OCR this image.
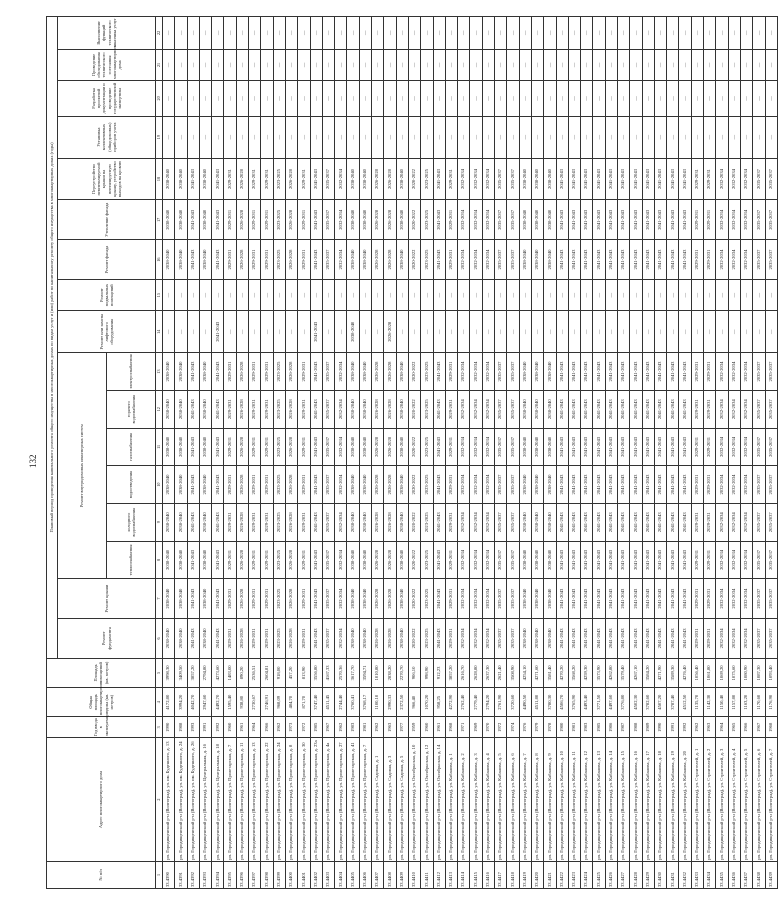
132
№ п/п	Адрес многоквартирного дома	Год ввода в эксплуатацию	Общая площадь многоквартирного дома (кв. метров)	Площадь помещений (кв. метров)	Плановый период проведения капитального ремонта общего имущества в многоквартирных домах по видам услуг и (или) работ по капитальному ремонту общего имущества в многоквартирных домах (годы)																
					Ремонт фундамента	Ремонт крыши	Ремонт внутридомовых инженерных систем						Ремонт или замена лифтового оборудования	Ремонт подвальных помещений	Ремонт фасада	Утепление фасада	Переустройство невентилируемой крыши на вентилируемую крышу, устройство выходов на кровлю	Установка коллективных (общедомовых) приборов учета	Разработка проектной документации и проведение государственной экспертизы	Проведение обследования технического состояния многоквартирного дома	Выполнение функций технического заказчика услуг
							теплоснабжения	холодного водоснабжения	водоотведения	газоснабжения	горячего водоснабжения	электроснабжения									
1	2	3	4	5	6	7	8	9	10	11	12	13	14	15	16	17	18	19	20	21	22
33.4390	рп. Городищенский р-н (Волгоград), ул. им. Буденного, д. 13	1990	4172,80	3998,30	2038-2040	2038-2040	2038-2040	2038-2040	2038-2040	2038-2040	2038-2040	2038-2040	—	—	2038-2040	2038-2040	2038-2040	—	—	—	—
33.4391	рп. Городищенский р-н (Волгоград), ул. им. Буденного, д. 24	1988	3994,20	3409,50	2038-2040	2038-2040	2038-2040	2038-2040	2038-2040	2038-2040	2038-2040	2038-2040	—	—	2038-2040	2038-2040	2038-2040	—	—	—	—
33.4392	рп. Городищенский р-н (Волгоград), ул. им. Буденного, д. 26	1993	4042,70	3857,20	2041-2043	2041-2043	2041-2043	2041-2043	2041-2043	2041-2043	2041-2043	2041-2043	—	—	2041-2043	2041-2043	2041-2043	—	—	—	—
33.4393	рп. Городищенский р-н (Волгоград), ул. Центральная, д. 16	1991	2947,60	2794,80	2038-2040	2038-2040	2038-2040	2038-2040	2038-2040	2038-2040	2038-2040	2038-2040	—	—	2038-2040	2038-2040	2038-2040	—	—	—	—
33.4394	рп. Городищенский р-н (Волгоград), ул. Центральная, д. 18	1992	4492,70	4273,60	2041-2043	2041-2043	2041-2043	2041-2043	2041-2043	2041-2043	2041-2043	2041-2043	2041-2043	—	2041-2043	2041-2043	2041-2043	—	—	—	—
33.4395	рп. Городищенский р-н (Волгоград), ул. Пролетарская, д. 7	1960	1595,40	1483,00	2029-2031	2029-2031	2029-2031	2029-2031	2029-2031	2029-2031	2029-2031	2029-2031	—	—	2029-2031	2029-2031	2029-2031	—	—	—	—
33.4396	рп. Городищенский р-н (Волгоград), ул. Пролетарская, д. 11	1961	938,80	890,20	2026-2028	2026-2028	2026-2028	2026-2028	2026-2028	2026-2028	2026-2028	2026-2028	—	—	2026-2028	2026-2028	2026-2028	—	—	—	—
33.4397	рп. Городищенский р-н (Волгоград), ул. Пролетарская, д. 13	1964	2730,67	2536,51	2029-2031	2029-2031	2029-2031	2029-2031	2029-2031	2029-2031	2029-2031	2029-2031	—	—	2029-2031	2029-2031	2029-2031	—	—	—	—
33.4398	рп. Городищенский р-н (Волгоград), ул. Пролетарская, д. 22	1966	2746,91	2604,81	2029-2031	2029-2031	2029-2031	2029-2031	2029-2031	2029-2031	2029-2031	2029-2031	—	—	2029-2031	2029-2031	2029-2031	—	—	—	—
33.4399	рп. Городищенский р-н (Волгоград), ул. Пролетарская, д. 24	1962	968,09	918,00	2023-2025	2023-2025	2023-2025	2023-2025	2023-2025	2023-2025	2023-2025	2023-2025	—	—	2023-2025	2023-2025	2023-2025	—	—	—	—
33.4400	рп. Городищенский р-н (Волгоград), ул. Пролетарская, д. 8	1973	484,70	457,20	2026-2028	2026-2028	2026-2028	2026-2028	2026-2028	2026-2028	2026-2028	2026-2028	—	—	2026-2028	2026-2028	2026-2028	—	—	—	—
33.4401	рп. Городищенский р-н (Волгоград), ул. Пролетарская, д. 30	1972	871,70	813,90	2029-2031	2029-2031	2029-2031	2029-2031	2029-2031	2029-2031	2029-2031	2029-2031	—	—	2029-2031	2029-2031	2029-2031	—	—	—	—
33.4402	рп. Городищенский р-н (Волгоград), ул. Пролетарская, д. 23а	1985	3747,40	3556,80	2041-2043	2041-2043	2041-2043	2041-2043	2041-2043	2041-2043	2041-2043	2041-2043	2041-2043	—	2041-2043	2041-2043	2041-2043	—	—	—	—
33.4403	рп. Городищенский р-н (Волгоград), ул. Пролетарская, д. 4а	1967	4511,45	4167,33	2035-2037	2035-2037	2035-2037	2035-2037	2035-2037	2035-2037	2035-2037	2035-2037	—	—	2035-2037	2035-2037	2035-2037	—	—	—	—
33.4404	рп. Городищенский р-н (Волгоград), ул. Пролетарская, д. 27	1962	2744,40	2570,36	2032-2034	2032-2034	2032-2034	2032-2034	2032-2034	2032-2034	2032-2034	2032-2034	—	—	2032-2034	2032-2034	2032-2034	—	—	—	—
33.4405	рп. Городищенский р-н (Волгоград), ул. Пролетарская, д. 41	1983	3760,41	3617,70	2038-2040	2038-2040	2038-2040	2038-2040	2038-2040	2038-2040	2038-2040	2038-2040	2038-2040	—	2038-2040	2038-2040	2038-2040	—	—	—	—
33.4406	рп. Городищенский р-н (Волгоград), ул. Пролетарская, д. 7	1981	3768,17	3594,71	2038-2040	2038-2040	2038-2040	2038-2040	2038-2040	2038-2040	2038-2040	2038-2040	—	—	2038-2040	2038-2040	2038-2040	—	—	—	—
33.4407	рп. Городищенский р-н (Волгоград), ул. Садовая, д. 1	1962	1100,10	1010,80	2026-2028	2026-2028	2026-2028	2026-2028	2026-2028	2026-2028	2026-2028	2026-2028	—	—	2026-2028	2026-2028	2026-2028	—	—	—	—
33.4408	рп. Городищенский р-н (Волгоград), ул. Садовая, д. 3	1963	2990,33	2838,20	2026-2028	2026-2028	2026-2028	2026-2028	2026-2028	2026-2028	2026-2028	2026-2028	2026-2028	—	2026-2028	2026-2028	2026-2028	—	—	—	—
33.4409	рп. Городищенский р-н (Волгоград), ул. Садовая, д. 5	1977	2372,50	2270,70	2038-2040	2038-2040	2038-2040	2038-2040	2038-2040	2038-2040	2038-2040	2038-2040	—	—	2038-2040	2038-2040	2038-2040	—	—	—	—
33.4410	рп. Городищенский р-н (Волгоград), ул. Октябрьская, д. 10	1959	966,40	906,10	2020-2022	2020-2022	2020-2022	2020-2022	2020-2022	2020-2022	2020-2022	2020-2022	—	—	2020-2022	2020-2022	2020-2022	—	—	—	—
33.4411	рп. Городищенский р-н (Волгоград), ул. Октябрьская, д. 12	1960	1070,20	998,90	2023-2025	2023-2025	2023-2025	2023-2025	2023-2025	2023-2025	2023-2025	2023-2025	—	—	2023-2025	2023-2025	2023-2025	—	—	—	—
33.4412	рп. Городищенский р-н (Волгоград), ул. Октябрьская, д. 14	1961	958,25	912,23	2041-2043	2041-2043	2041-2043	2041-2043	2041-2043	2041-2043	2041-2043	2041-2043	—	—	2041-2043	2041-2043	2041-2043	—	—	—	—
33.4413	рп. Городищенский р-н (Волгоград), ул. Кабанова, д. 1	1968	4272,90	3857,20	2029-2031	2029-2031	2029-2031	2029-2031	2029-2031	2029-2031	2029-2031	2029-2031	—	—	2029-2031	2029-2031	2029-2031	—	—	—	—
33.4414	рп. Городищенский р-н (Волгоград), ул. Кабанова, д. 2	1971	2762,40	2616,70	2032-2034	2032-2034	2032-2034	2032-2034	2032-2034	2032-2034	2032-2034	2032-2034	—	—	2032-2034	2032-2034	2032-2034	—	—	—	—
33.4415	рп. Городищенский р-н (Волгоград), ул. Кабанова, д. 3	1969	2779,40	2628,80	2032-2034	2032-2034	2032-2034	2032-2034	2032-2034	2032-2034	2032-2034	2032-2034	—	—	2032-2034	2032-2034	2032-2034	—	—	—	—
33.4416	рп. Городищенский р-н (Волгоград), ул. Кабанова, д. 4	1970	2794,20	2637,30	2032-2034	2032-2034	2032-2034	2032-2034	2032-2034	2032-2034	2032-2034	2032-2034	—	—	2032-2034	2032-2034	2032-2034	—	—	—	—
33.4417	рп. Городищенский р-н (Волгоград), ул. Кабанова, д. 5	1972	2761,90	2621,40	2035-2037	2035-2037	2035-2037	2035-2037	2035-2037	2035-2037	2035-2037	2035-2037	—	—	2035-2037	2035-2037	2035-2037	—	—	—	—
33.4418	рп. Городищенский р-н (Волгоград), ул. Кабанова, д. 6	1974	3720,60	3508,90	2035-2037	2035-2037	2035-2037	2035-2037	2035-2037	2035-2037	2035-2037	2035-2037	—	—	2035-2037	2035-2037	2035-2037	—	—	—	—
33.4419	рп. Городищенский р-н (Волгоград), ул. Кабанова, д. 7	1976	4490,50	4254,10	2038-2040	2038-2040	2038-2040	2038-2040	2038-2040	2038-2040	2038-2040	2038-2040	—	—	2038-2040	2038-2040	2038-2040	—	—	—	—
33.4420	рп. Городищенский р-н (Волгоград), ул. Кабанова, д. 8	1979	4511,80	4271,60	2038-2040	2038-2040	2038-2040	2038-2040	2038-2040	2038-2040	2038-2040	2038-2040	—	—	2038-2040	2038-2040	2038-2040	—	—	—	—
33.4421	рп. Городищенский р-н (Волгоград), ул. Кабанова, д. 9	1978	3780,30	3581,40	2038-2040	2038-2040	2038-2040	2038-2040	2038-2040	2038-2040	2038-2040	2038-2040	—	—	2038-2040	2038-2040	2038-2040	—	—	—	—
33.4422	рп. Городищенский р-н (Волгоград), ул. Кабанова, д. 10	1980	4506,70	4270,20	2041-2043	2041-2043	2041-2043	2041-2043	2041-2043	2041-2043	2041-2043	2041-2043	—	—	2041-2043	2041-2043	2041-2043	—	—	—	—
33.4423	рп. Городищенский р-н (Волгоград), ул. Кабанова, д. 11	1981	3765,90	3568,20	2041-2043	2041-2043	2041-2043	2041-2043	2041-2043	2041-2043	2041-2043	2041-2043	—	—	2041-2043	2041-2043	2041-2043	—	—	—	—
33.4424	рп. Городищенский р-н (Волгоград), ул. Кабанова, д. 12	1983	4493,40	4259,30	2041-2043	2041-2043	2041-2043	2041-2043	2041-2043	2041-2043	2041-2043	2041-2043	—	—	2041-2043	2041-2043	2041-2043	—	—	—	—
33.4425	рп. Городищенский р-н (Волгоград), ул. Кабанова, д. 13	1985	3771,50	3573,90	2041-2043	2041-2043	2041-2043	2041-2043	2041-2043	2041-2043	2041-2043	2041-2043	—	—	2041-2043	2041-2043	2041-2043	—	—	—	—
33.4426	рп. Городищенский р-н (Волгоград), ул. Кабанова, д. 14	1986	4497,60	4262,80	2041-2043	2041-2043	2041-2043	2041-2043	2041-2043	2041-2043	2041-2043	2041-2043	—	—	2041-2043	2041-2043	2041-2043	—	—	—	—
33.4427	рп. Городищенский р-н (Волгоград), ул. Кабанова, д. 15	1987	3776,80	3579,40	2041-2043	2041-2043	2041-2043	2041-2043	2041-2043	2041-2043	2041-2043	2041-2043	—	—	2041-2043	2041-2043	2041-2043	—	—	—	—
33.4428	рп. Городищенский р-н (Волгоград), ул. Кабанова, д. 16	1988	4502,30	4267,10	2041-2043	2041-2043	2041-2043	2041-2043	2041-2043	2041-2043	2041-2043	2041-2043	—	—	2041-2043	2041-2043	2041-2043	—	—	—	—
33.4429	рп. Городищенский р-н (Волгоград), ул. Кабанова, д. 17	1989	3782,60	3584,20	2041-2043	2041-2043	2041-2043	2041-2043	2041-2043	2041-2043	2041-2043	2041-2043	—	—	2041-2043	2041-2043	2041-2043	—	—	—	—
33.4430	рп. Городищенский р-н (Волгоград), ул. Кабанова, д. 18	1990	4507,20	4271,90	2041-2043	2041-2043	2041-2043	2041-2043	2041-2043	2041-2043	2041-2043	2041-2043	—	—	2041-2043	2041-2043	2041-2043	—	—	—	—
33.4431	рп. Городищенский р-н (Волгоград), ул. Кабанова, д. 19	1991	3787,40	3589,30	2041-2043	2041-2043	2041-2043	2041-2043	2041-2043	2041-2043	2041-2043	2041-2043	—	—	2041-2043	2041-2043	2041-2043	—	—	—	—
33.4432	рп. Городищенский р-н (Волгоград), ул. Кабанова, д. 20	1992	4512,50	4276,40	2041-2043	2041-2043	2041-2043	2041-2043	2041-2043	2041-2043	2041-2043	2041-2043	—	—	2041-2043	2041-2043	2041-2043	—	—	—	—
33.4433	рп. Городищенский р-н (Волгоград), ул. Строителей, д. 1	1962	1135,70	1056,40	2029-2031	2029-2031	2029-2031	2029-2031	2029-2031	2029-2031	2029-2031	2029-2031	—	—	2029-2031	2029-2031	2029-2031	—	—	—	—
33.4434	рп. Городищенский р-н (Волгоград), ул. Строителей, д. 2	1963	1142,30	1061,80	2029-2031	2029-2031	2029-2031	2029-2031	2029-2031	2029-2031	2029-2031	2029-2031	—	—	2029-2031	2029-2031	2029-2031	—	—	—	—
33.4435	рп. Городищенский р-н (Волгоград), ул. Строителей, д. 3	1964	1150,40	1069,20	2032-2034	2032-2034	2032-2034	2032-2034	2032-2034	2032-2034	2032-2034	2032-2034	—	—	2032-2034	2032-2034	2032-2034	—	—	—	—
33.4436	рп. Городищенский р-н (Волгоград), ул. Строителей, д. 4	1965	1157,80	1075,60	2032-2034	2032-2034	2032-2034	2032-2034	2032-2034	2032-2034	2032-2034	2032-2034	—	—	2032-2034	2032-2034	2032-2034	—	—	—	—
33.4437	рп. Городищенский р-н (Волгоград), ул. Строителей, д. 5	1966	1163,20	1080,90	2032-2034	2032-2034	2032-2034	2032-2034	2032-2034	2032-2034	2032-2034	2032-2034	—	—	2032-2034	2032-2034	2032-2034	—	—	—	—
33.4438	рп. Городищенский р-н (Волгоград), ул. Строителей, д. 6	1967	1170,60	1087,30	2035-2037	2035-2037	2035-2037	2035-2037	2035-2037	2035-2037	2035-2037	2035-2037	—	—	2035-2037	2035-2037	2035-2037	—	—	—	—
33.4439	рп. Городищенский р-н (Волгоград), ул. Строителей, д. 7	1968	1176,90	1093,40	2035-2037	2035-2037	2035-2037	2035-2037	2035-2037	2035-2037	2035-2037	2035-2037	—	—	2035-2037	2035-2037	2035-2037	—	—	—	—
